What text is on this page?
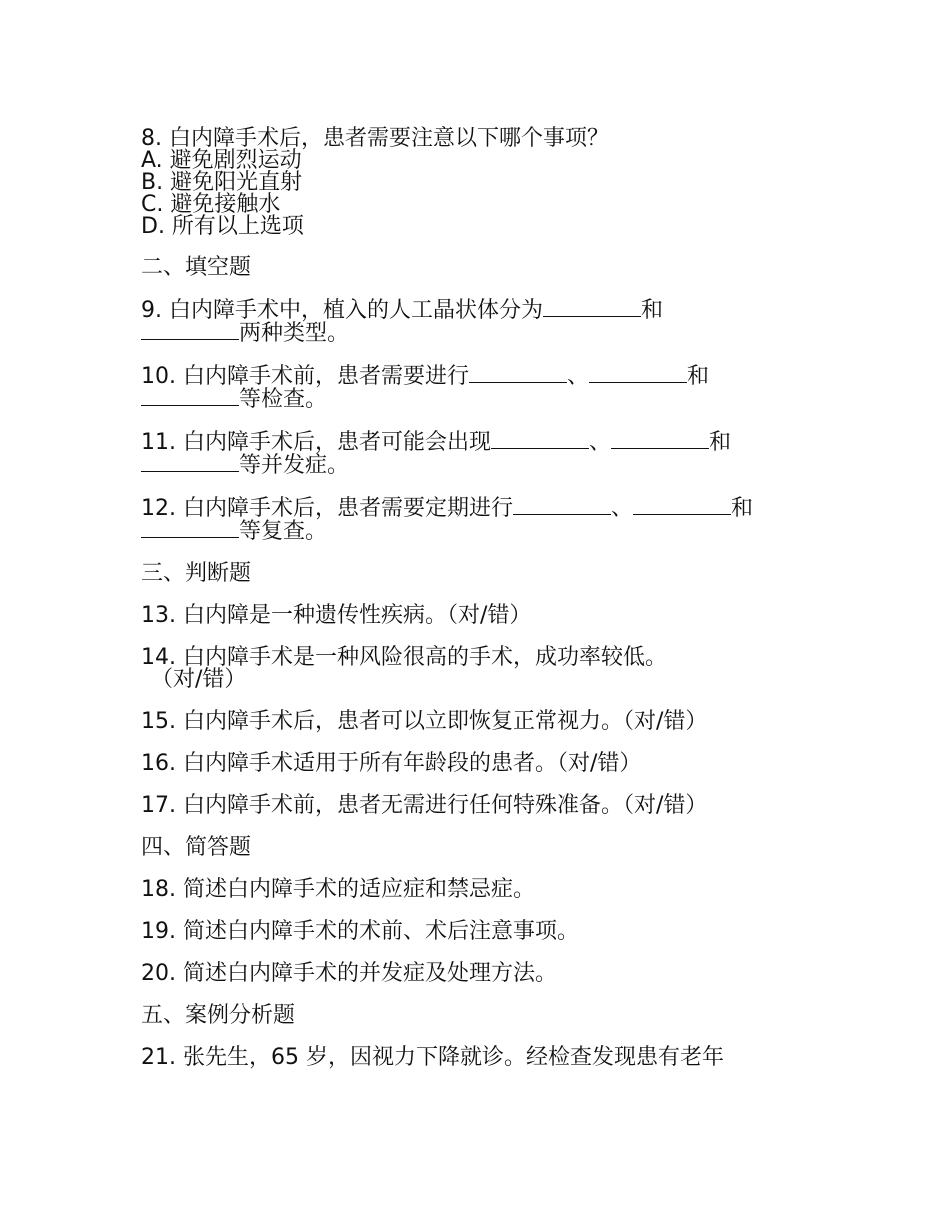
8. 白内障手术后，患者需要注意以下哪个事项？

A. 避免剧烈运动

B. 避免阳光直射

C. 避免接触水

D. 所有以上选项

二、填空题

9. 白内障手术中，植入的人工晶状体分为	和

两种类型。

10. 白内障手术前，患者需要进行	、	和

等检查。

11. 白内障手术后，患者可能会出现	、	和

等并发症。

12. 白内障手术后，患者需要定期进行	、	和

等复查。

三、判断题

13. 白内障是一种遗传性疾病。（对/错）

14. 白内障手术是一种风险很高的手术，成功率较低。

（对/错）

15. 白内障手术后，患者可以立即恢复正常视力。（对/错）

16. 白内障手术适用于所有年龄段的患者。（对/错）

17. 白内障手术前，患者无需进行任何特殊准备。（对/错）

四、简答题

18. 简述白内障手术的适应症和禁忌症。

19. 简述白内障手术的术前、术后注意事项。

20. 简述白内障手术的并发症及处理方法。

五、案例分析题

21. 张先生，65 岁，因视力下降就诊。经检查发现患有老年
